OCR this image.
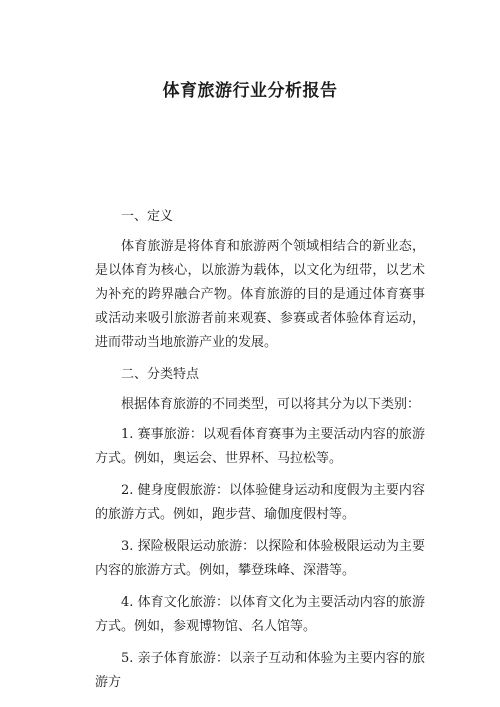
体育旅游行业分析报告

一、定义

体育旅游是将体育和旅游两个领域相结合的新业态，是以体育为核心，以旅游为载体，以文化为纽带，以艺术为补充的跨界融合产物。体育旅游的目的是通过体育赛事或活动来吸引旅游者前来观赛、参赛或者体验体育运动，进而带动当地旅游产业的发展。

二、分类特点

根据体育旅游的不同类型，可以将其分为以下类别：

1. 赛事旅游：以观看体育赛事为主要活动内容的旅游方式。例如，奥运会、世界杯、马拉松等。

2. 健身度假旅游：以体验健身运动和度假为主要内容的旅游方式。例如，跑步营、瑜伽度假村等。

3. 探险极限运动旅游：以探险和体验极限运动为主要内容的旅游方式。例如，攀登珠峰、深潜等。

4. 体育文化旅游：以体育文化为主要活动内容的旅游方式。例如，参观博物馆、名人馆等。

5. 亲子体育旅游：以亲子互动和体验为主要内容的旅游方
